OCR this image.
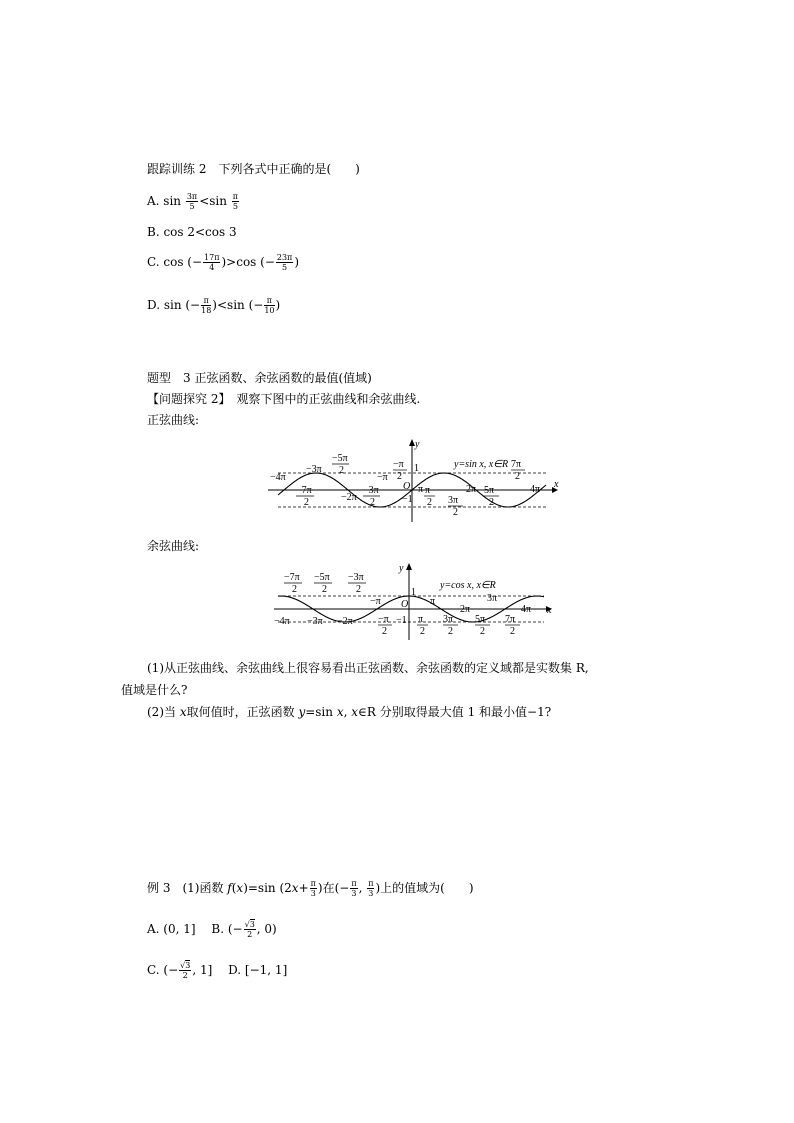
跟踪训练 2　下列各式中正确的是(　　)
A. $\sin \frac{3\pi}{5} <\sin \frac{\pi}{5}$
B. cos 2<cos 3
C. cos (− $\frac{17\pi}{4} )>\cos$ (− $\frac{23\pi}{5}$ )
D. sin (− $\frac{\pi}{18} )<\sin$ (− $\frac{\pi}{10}$ )
题型　3 正弦函数、余弦函数的最值(值域)
【问题探究 2】　观察下图中的正弦曲线和余弦曲线.
正弦曲线:
y
x
y=sin x, x∈R
1
−1
O
−4π
−3π
−π
2π
π
−2π
4π
−5π
2
−π
2
7π
2
−7π
2
−3π
2
π
2 3π
2
5π
2
余弦曲线:
y
x
y=cos x, x∈R
1
−1
O
−π	π
2π
3π
4π
−4π −3π −2π
−7π
2
−5π
2
−3π
2
−π
2
π
2
3π
2
5π
2
7π
2
(1)从正弦曲线、余弦曲线上很容易看出正弦函数、余弦函数的定义域都是实数集 R,
值域是什么?
(2)当 x取何值时，正弦函数 y=sin x, x∈R 分别取得最大值 1 和最小值−1?
例 3　(1)函数 f(x)=sin ($2x+ \frac{\pi}{3}$ )在(− $\frac{\pi}{3}$ , $\frac{\pi}{3}$ )上的值域为(　　)
A. (0, 1]　 B. (− $\frac{√3}{2}$ , 0)
C. (− $\frac{√3}{2}$ , 1]　 D. [−1, 1]
